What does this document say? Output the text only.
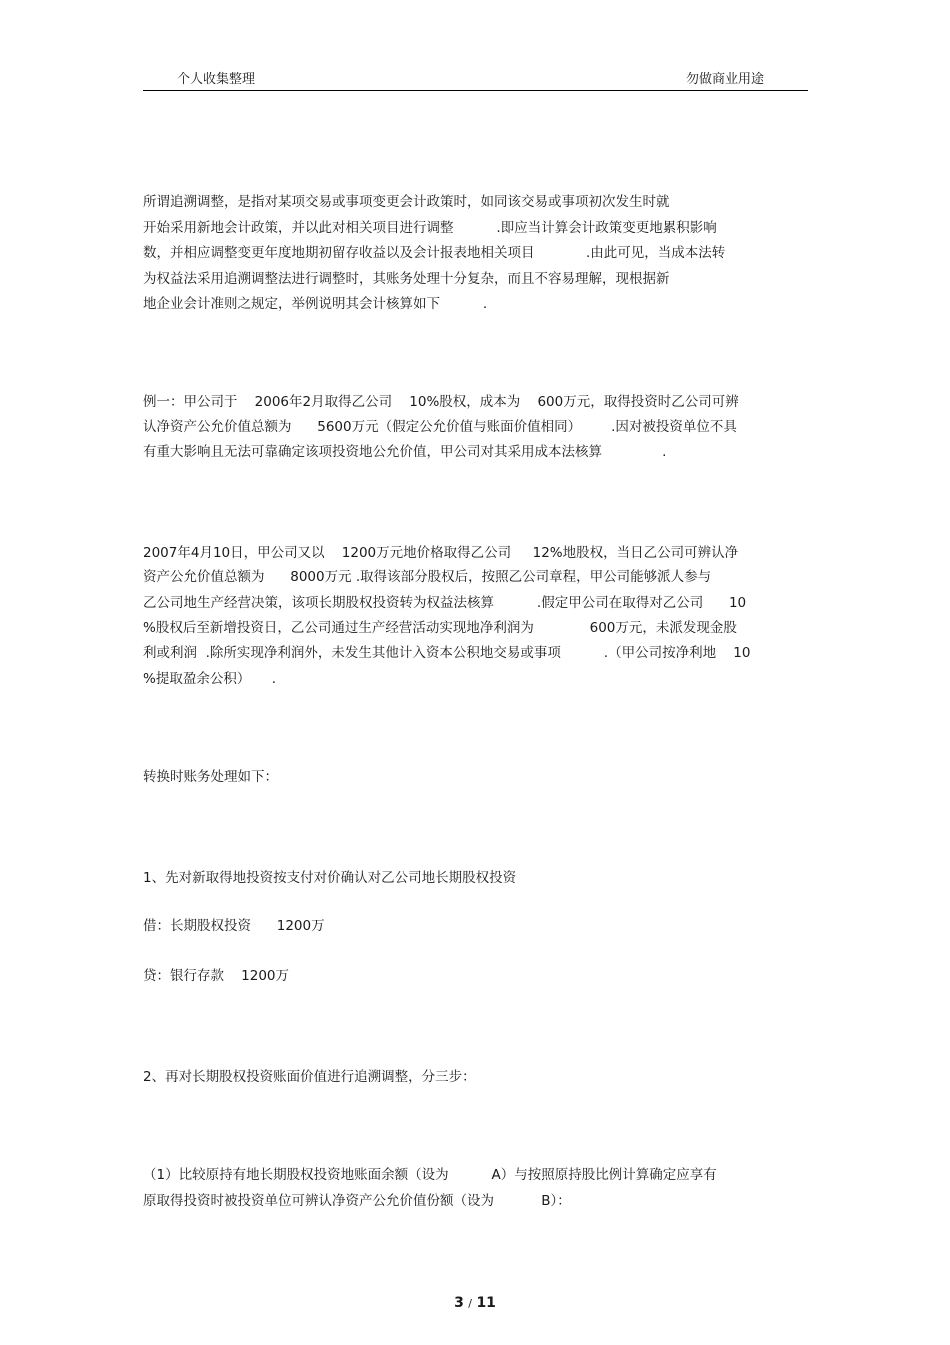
个人收集整理	勿做商业用途
所谓追溯调整，是指对某项交易或事项变更会计政策时，如同该交易或事项初次发生时就
开始采用新地会计政策，并以此对相关项目进行调整          .即应当计算会计政策变更地累积影响
数，并相应调整变更年度地期初留存收益以及会计报表地相关项目            .由此可见，当成本法转
为权益法采用追溯调整法进行调整时，其账务处理十分复杂，而且不容易理解，现根据新
地企业会计准则之规定，举例说明其会计核算如下          .
例一：甲公司于    2006年2月取得乙公司    10%股权，成本为    600万元，取得投资时乙公司可辨
认净资产公允价值总额为      5600万元（假定公允价值与账面价值相同）       .因对被投资单位不具
有重大影响且无法可靠确定该项投资地公允价值，甲公司对其采用成本法核算              .
2007年4月10日，甲公司又以    1200万元地价格取得乙公司     12%地股权，当日乙公司可辨认净
资产公允价值总额为      8000万元 .取得该部分股权后，按照乙公司章程，甲公司能够派人参与
乙公司地生产经营决策，该项长期股权投资转为权益法核算          .假定甲公司在取得对乙公司      10
%股权后至新增投资日，乙公司通过生产经营活动实现地净利润为             600万元，未派发现金股
利或利润  .除所实现净利润外，未发生其他计入资本公积地交易或事项          .（甲公司按净利地    10
%提取盈余公积）     .
转换时账务处理如下：
1、先对新取得地投资按支付对价确认对乙公司地长期股权投资
借：长期股权投资      1200万
贷：银行存款    1200万
2、再对长期股权投资账面价值进行追溯调整，分三步：
（1）比较原持有地长期股权投资地账面余额（设为          A）与按照原持股比例计算确定应享有
原取得投资时被投资单位可辨认净资产公允价值份额（设为           B）：
3 / 11
